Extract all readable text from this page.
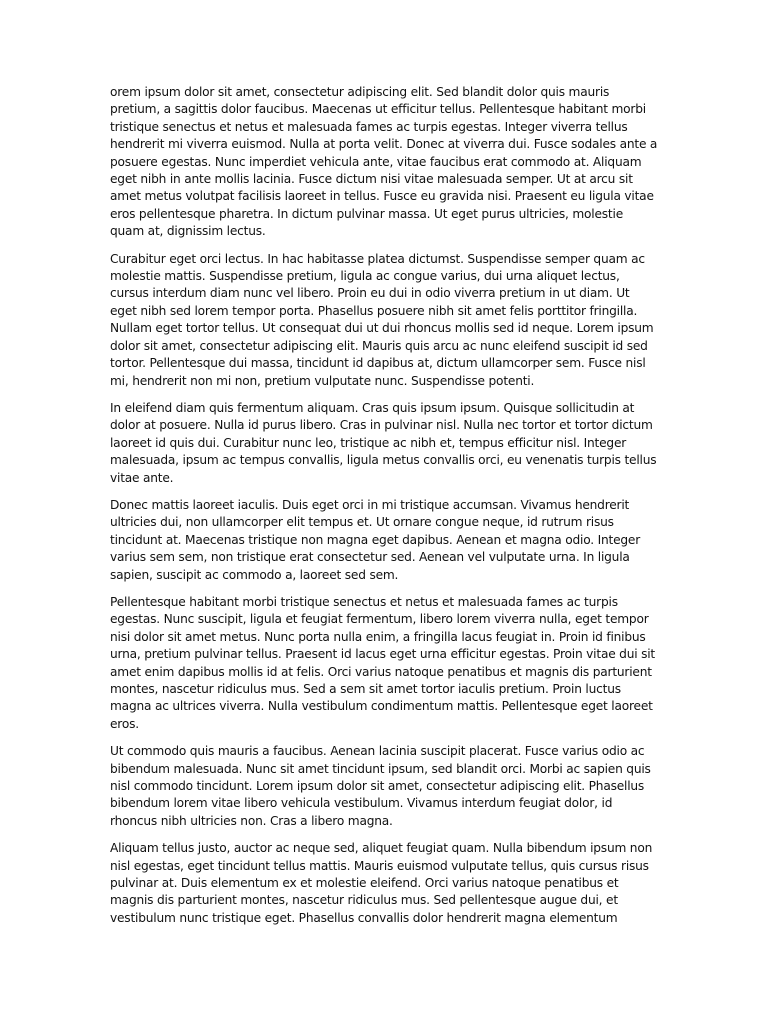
orem ipsum dolor sit amet, consectetur adipiscing elit. Sed blandit dolor quis mauris pretium, a sagittis dolor faucibus. Maecenas ut efficitur tellus. Pellentesque habitant morbi tristique senectus et netus et malesuada fames ac turpis egestas. Integer viverra tellus hendrerit mi viverra euismod. Nulla at porta velit. Donec at viverra dui. Fusce sodales ante a posuere egestas. Nunc imperdiet vehicula ante, vitae faucibus erat commodo at. Aliquam eget nibh in ante mollis lacinia. Fusce dictum nisi vitae malesuada semper. Ut at arcu sit amet metus volutpat facilisis laoreet in tellus. Fusce eu gravida nisi. Praesent eu ligula vitae eros pellentesque pharetra. In dictum pulvinar massa. Ut eget purus ultricies, molestie quam at, dignissim lectus.

Curabitur eget orci lectus. In hac habitasse platea dictumst. Suspendisse semper quam ac molestie mattis. Suspendisse pretium, ligula ac congue varius, dui urna aliquet lectus, cursus interdum diam nunc vel libero. Proin eu dui in odio viverra pretium in ut diam. Ut eget nibh sed lorem tempor porta. Phasellus posuere nibh sit amet felis porttitor fringilla. Nullam eget tortor tellus. Ut consequat dui ut dui rhoncus mollis sed id neque. Lorem ipsum dolor sit amet, consectetur adipiscing elit. Mauris quis arcu ac nunc eleifend suscipit id sed tortor. Pellentesque dui massa, tincidunt id dapibus at, dictum ullamcorper sem. Fusce nisl mi, hendrerit non mi non, pretium vulputate nunc. Suspendisse potenti.

In eleifend diam quis fermentum aliquam. Cras quis ipsum ipsum. Quisque sollicitudin at dolor at posuere. Nulla id purus libero. Cras in pulvinar nisl. Nulla nec tortor et tortor dictum laoreet id quis dui. Curabitur nunc leo, tristique ac nibh et, tempus efficitur nisl. Integer malesuada, ipsum ac tempus convallis, ligula metus convallis orci, eu venenatis turpis tellus vitae ante.

Donec mattis laoreet iaculis. Duis eget orci in mi tristique accumsan. Vivamus hendrerit ultricies dui, non ullamcorper elit tempus et. Ut ornare congue neque, id rutrum risus tincidunt at. Maecenas tristique non magna eget dapibus. Aenean et magna odio. Integer varius sem sem, non tristique erat consectetur sed. Aenean vel vulputate urna. In ligula sapien, suscipit ac commodo a, laoreet sed sem.

Pellentesque habitant morbi tristique senectus et netus et malesuada fames ac turpis egestas. Nunc suscipit, ligula et feugiat fermentum, libero lorem viverra nulla, eget tempor nisi dolor sit amet metus. Nunc porta nulla enim, a fringilla lacus feugiat in. Proin id finibus urna, pretium pulvinar tellus. Praesent id lacus eget urna efficitur egestas. Proin vitae dui sit amet enim dapibus mollis id at felis. Orci varius natoque penatibus et magnis dis parturient montes, nascetur ridiculus mus. Sed a sem sit amet tortor iaculis pretium. Proin luctus magna ac ultrices viverra. Nulla vestibulum condimentum mattis. Pellentesque eget laoreet eros.

Ut commodo quis mauris a faucibus. Aenean lacinia suscipit placerat. Fusce varius odio ac bibendum malesuada. Nunc sit amet tincidunt ipsum, sed blandit orci. Morbi ac sapien quis nisl commodo tincidunt. Lorem ipsum dolor sit amet, consectetur adipiscing elit. Phasellus bibendum lorem vitae libero vehicula vestibulum. Vivamus interdum feugiat dolor, id rhoncus nibh ultricies non. Cras a libero magna.

Aliquam tellus justo, auctor ac neque sed, aliquet feugiat quam. Nulla bibendum ipsum non nisl egestas, eget tincidunt tellus mattis. Mauris euismod vulputate tellus, quis cursus risus pulvinar at. Duis elementum ex et molestie eleifend. Orci varius natoque penatibus et magnis dis parturient montes, nascetur ridiculus mus. Sed pellentesque augue dui, et vestibulum nunc tristique eget. Phasellus convallis dolor hendrerit magna elementum
